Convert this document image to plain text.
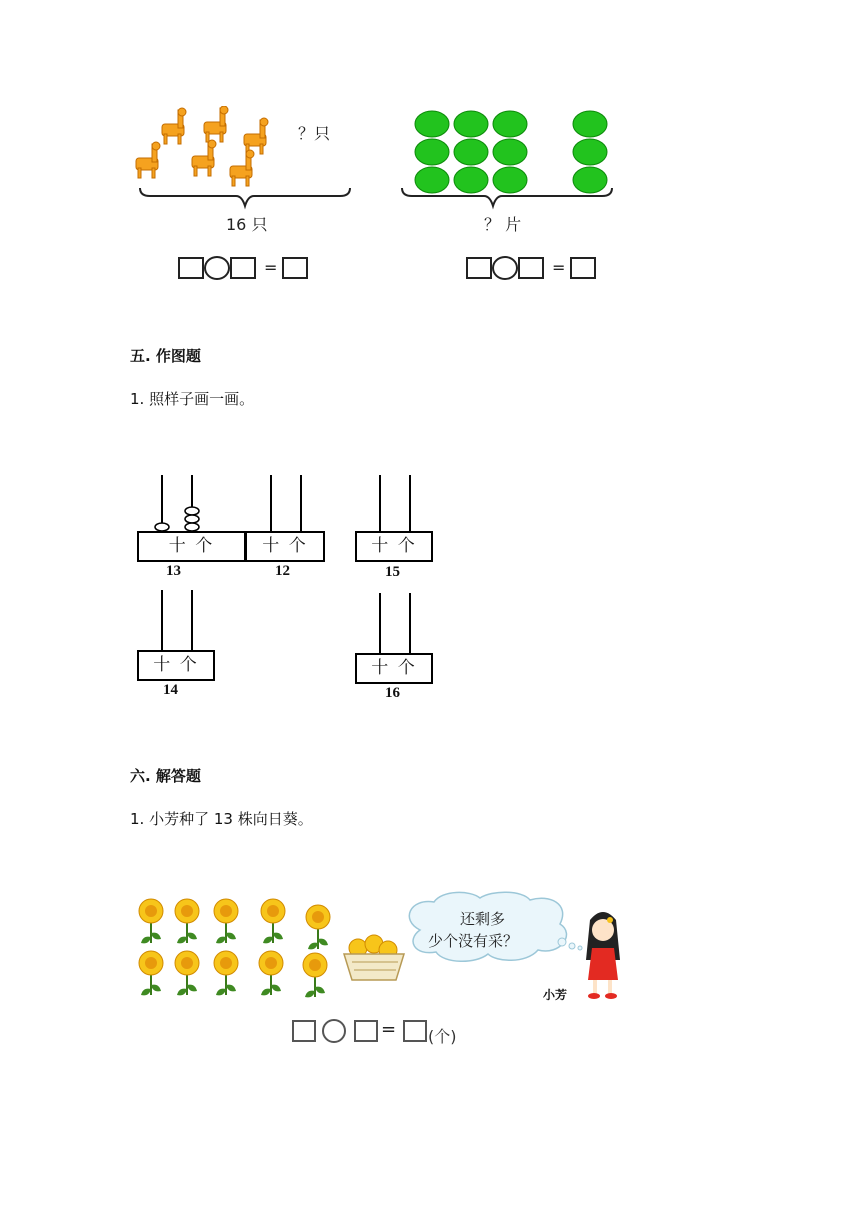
？只
16 只
=
？ 片
=
五. 作图题
1. 照样子画一画。
十 个
13
十 个
12
十 个
15
十 个
14
十 个
16
六. 解答题
1. 小芳种了 13 株向日葵。
还剩多
少个没有采？
小芳
= (个)
